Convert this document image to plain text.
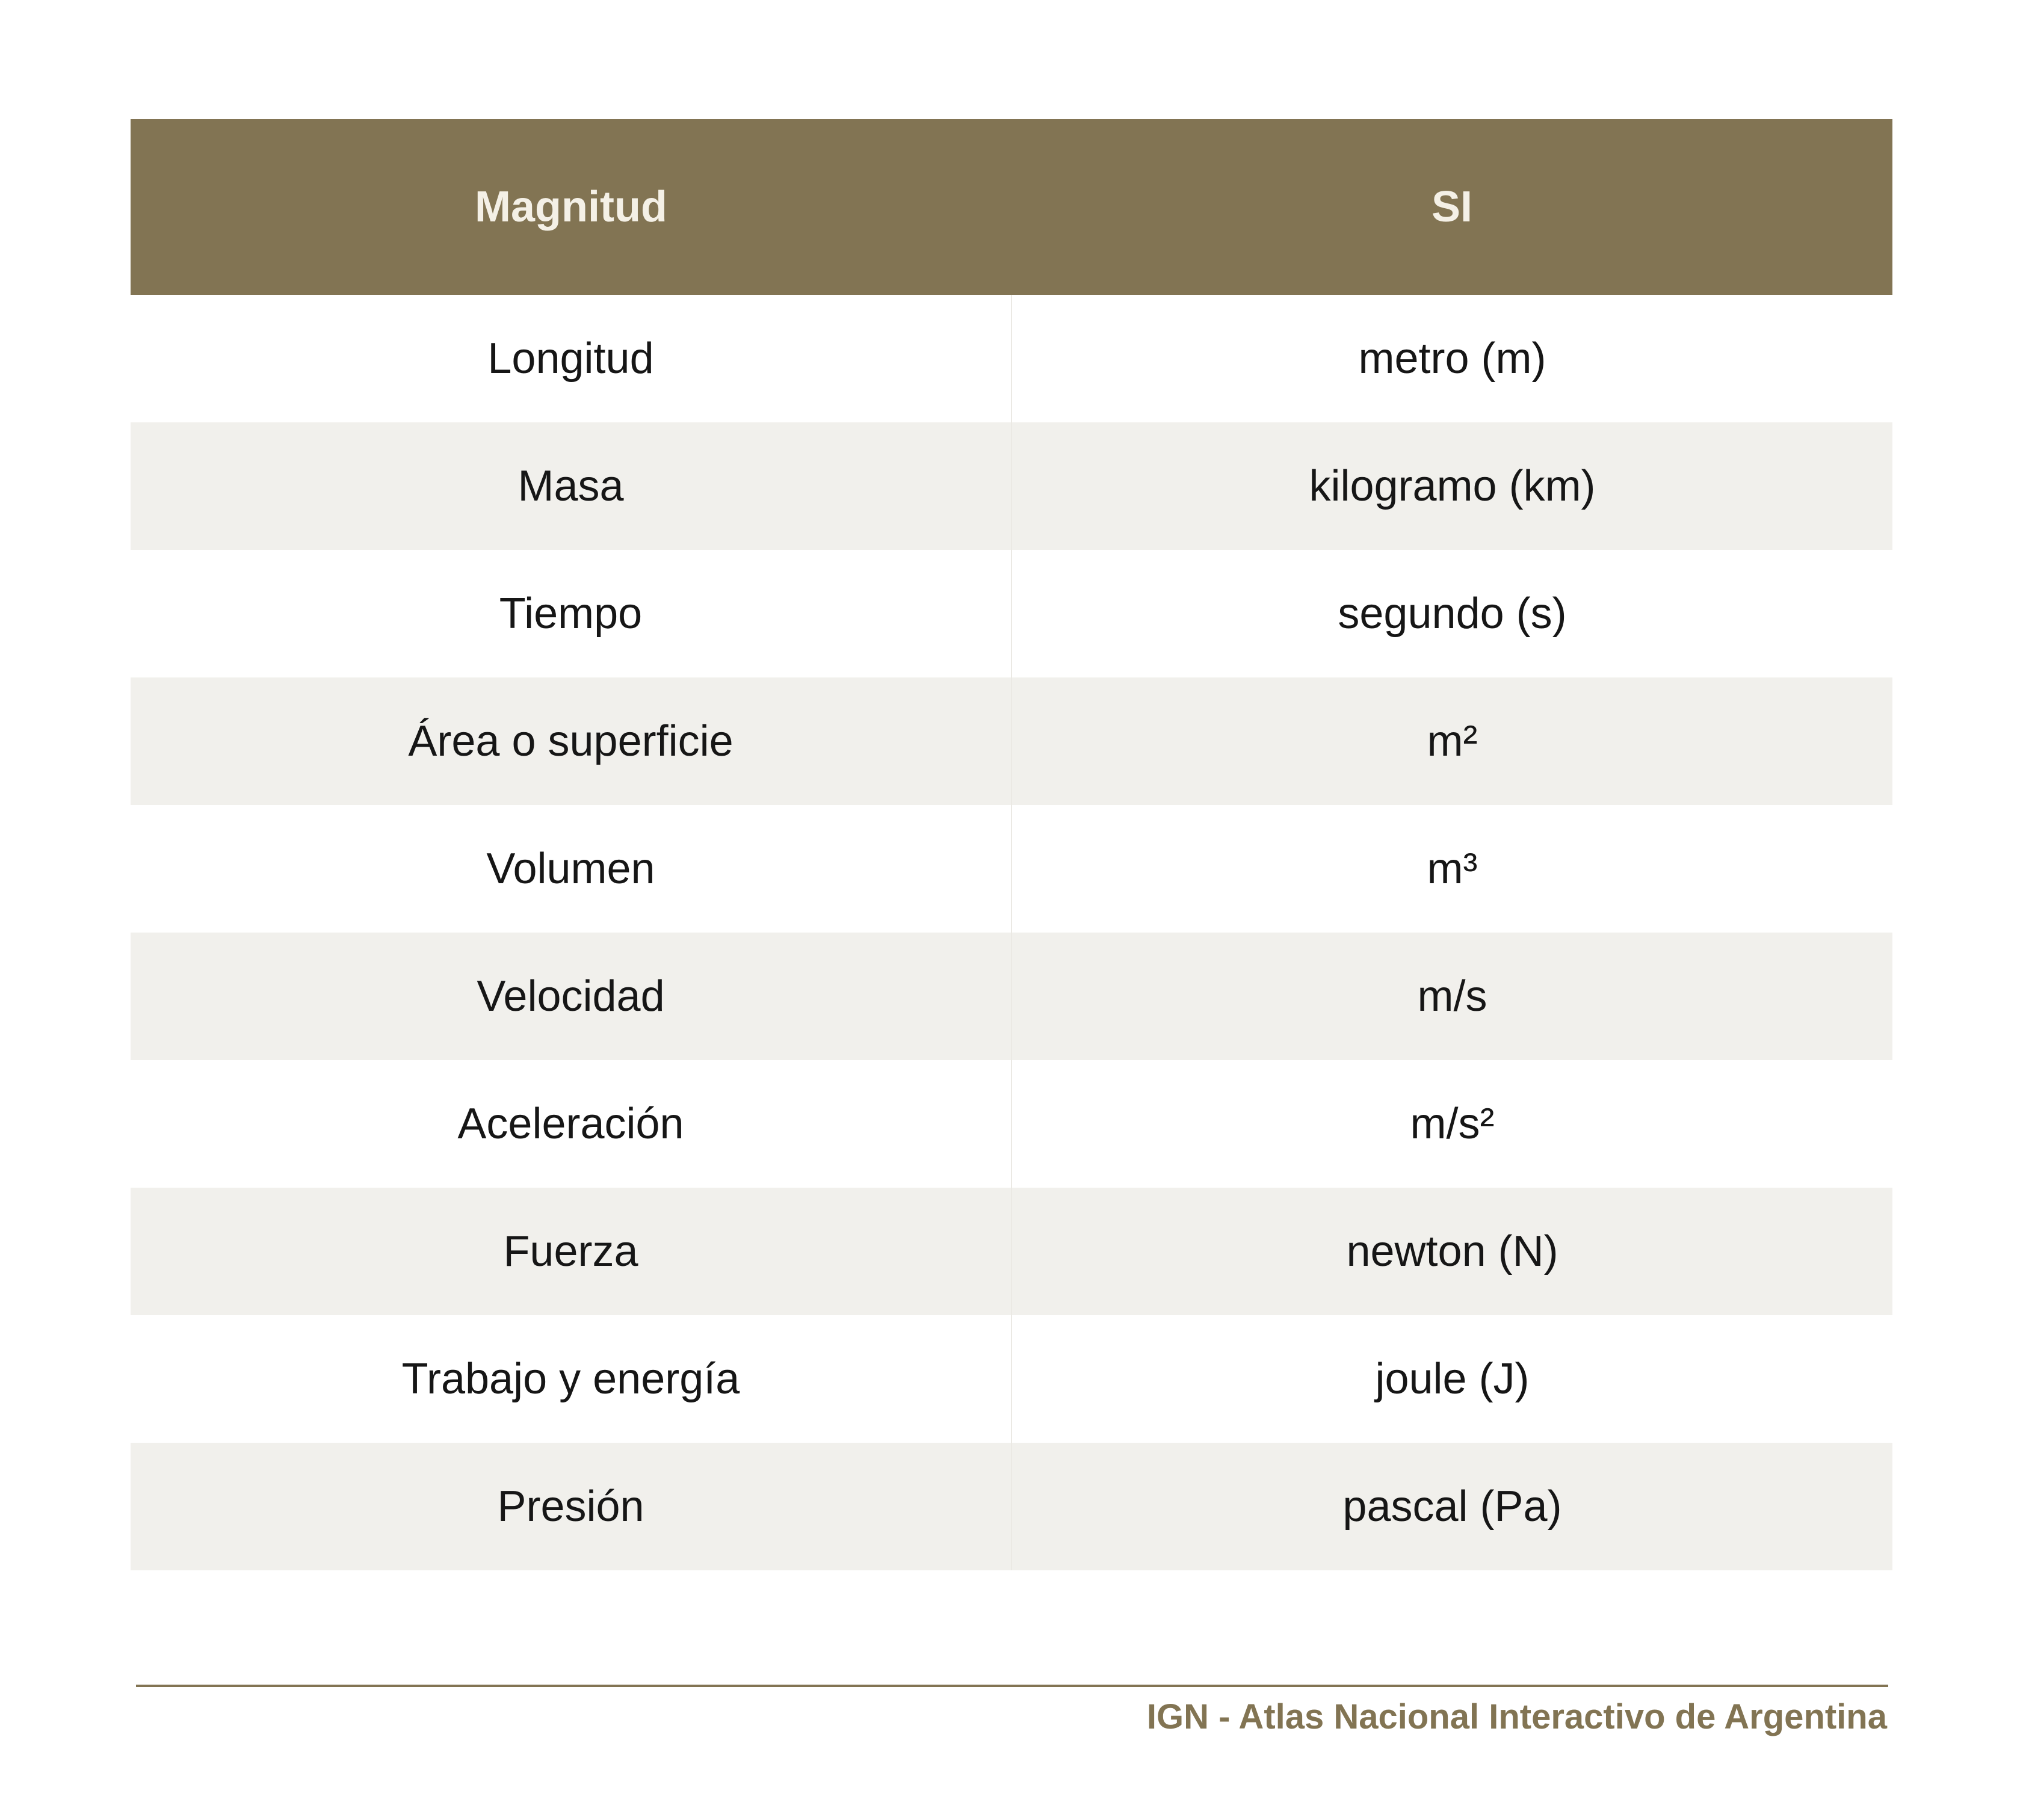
Magnitud	SI
Longitud	metro (m)
Masa	kilogramo (km)
Tiempo	segundo (s)
Área o superficie	m²
Volumen	m³
Velocidad	m/s
Aceleración	m/s²
Fuerza	newton (N)
Trabajo y energía	joule (J)
Presión	pascal (Pa)
IGN - Atlas Nacional Interactivo de Argentina
